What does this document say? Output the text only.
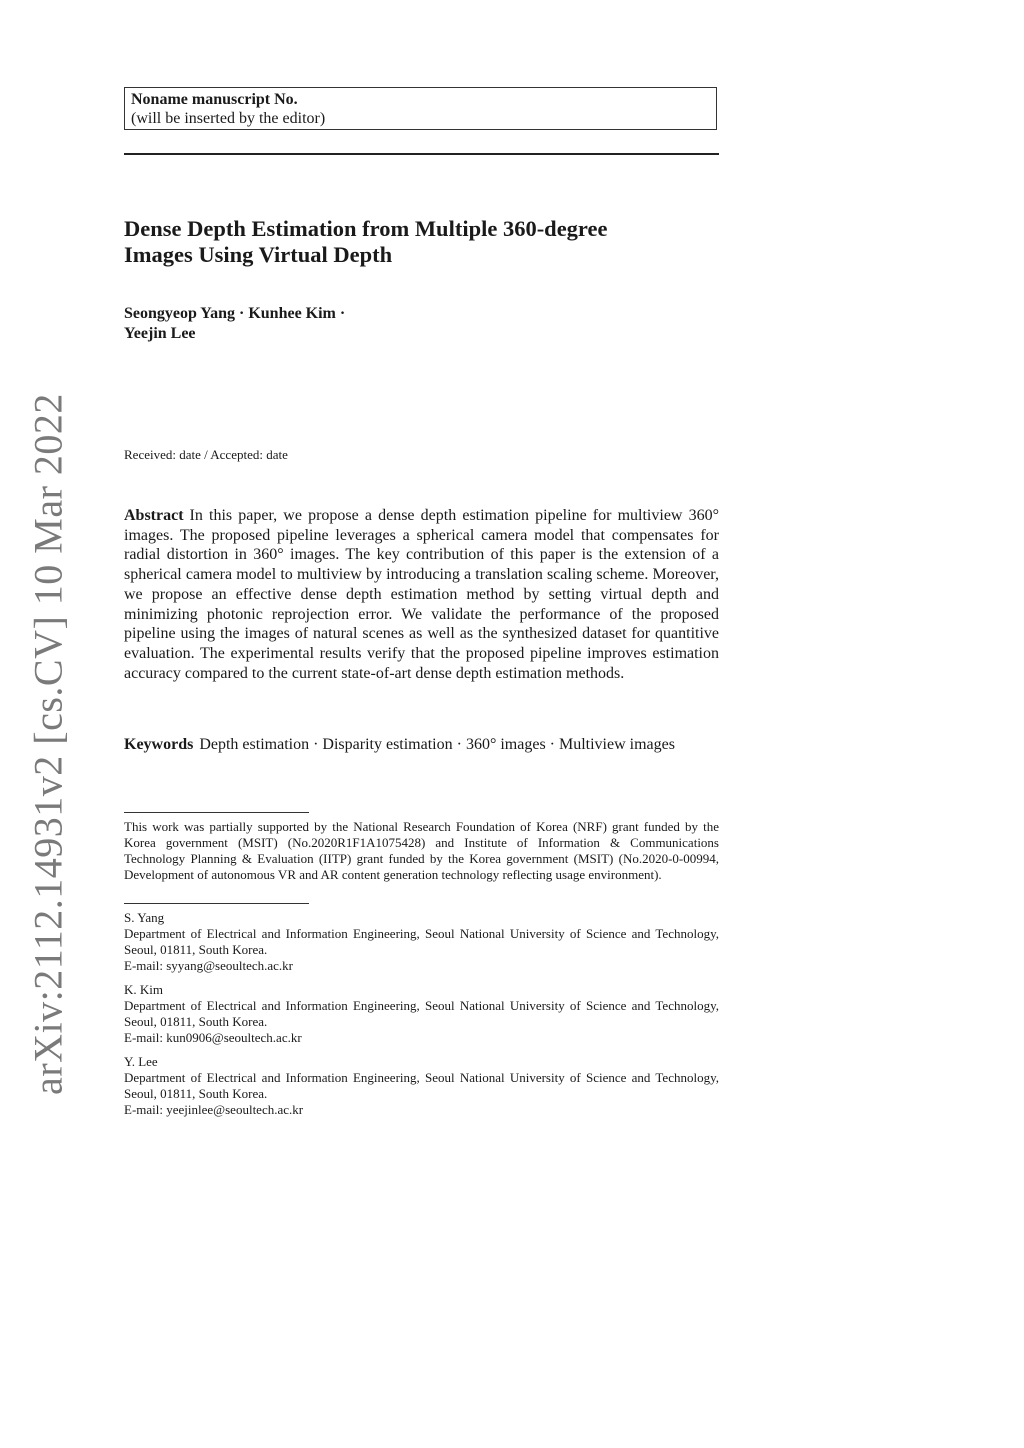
arXiv:2112.14931v2 [cs.CV] 10 Mar 2022
Noname manuscript No.
(will be inserted by the editor)
Dense Depth Estimation from Multiple 360-degree
Images Using Virtual Depth
Seongyeop Yang · Kunhee Kim ·
Yeejin Lee
Received: date / Accepted: date
Abstract In this paper, we propose a dense depth estimation pipeline for multiview 360° images. The proposed pipeline leverages a spherical camera model that compensates for radial distortion in 360° images. The key contribution of this paper is the extension of a spherical camera model to multiview by introducing a translation scaling scheme. Moreover, we propose an effective dense depth estimation method by setting virtual depth and minimizing photonic reprojection error. We validate the performance of the proposed pipeline using the images of natural scenes as well as the synthesized dataset for quantitive evaluation. The experimental results verify that the proposed pipeline improves estimation accuracy compared to the current state-of-art dense depth estimation methods.
Keywords Depth estimation · Disparity estimation · 360° images · Multiview images
This work was partially supported by the National Research Foundation of Korea (NRF) grant funded by the Korea government (MSIT) (No.2020R1F1A1075428) and Institute of Information & Communications Technology Planning & Evaluation (IITP) grant funded by the Korea government (MSIT) (No.2020-0-00994, Development of autonomous VR and AR content generation technology reflecting usage environment).
S. Yang
Department of Electrical and Information Engineering, Seoul National University of Science and Technology, Seoul, 01811, South Korea.
E-mail: syyang@seoultech.ac.kr
K. Kim
Department of Electrical and Information Engineering, Seoul National University of Science and Technology, Seoul, 01811, South Korea.
E-mail: kun0906@seoultech.ac.kr
Y. Lee
Department of Electrical and Information Engineering, Seoul National University of Science and Technology, Seoul, 01811, South Korea.
E-mail: yeejinlee@seoultech.ac.kr
